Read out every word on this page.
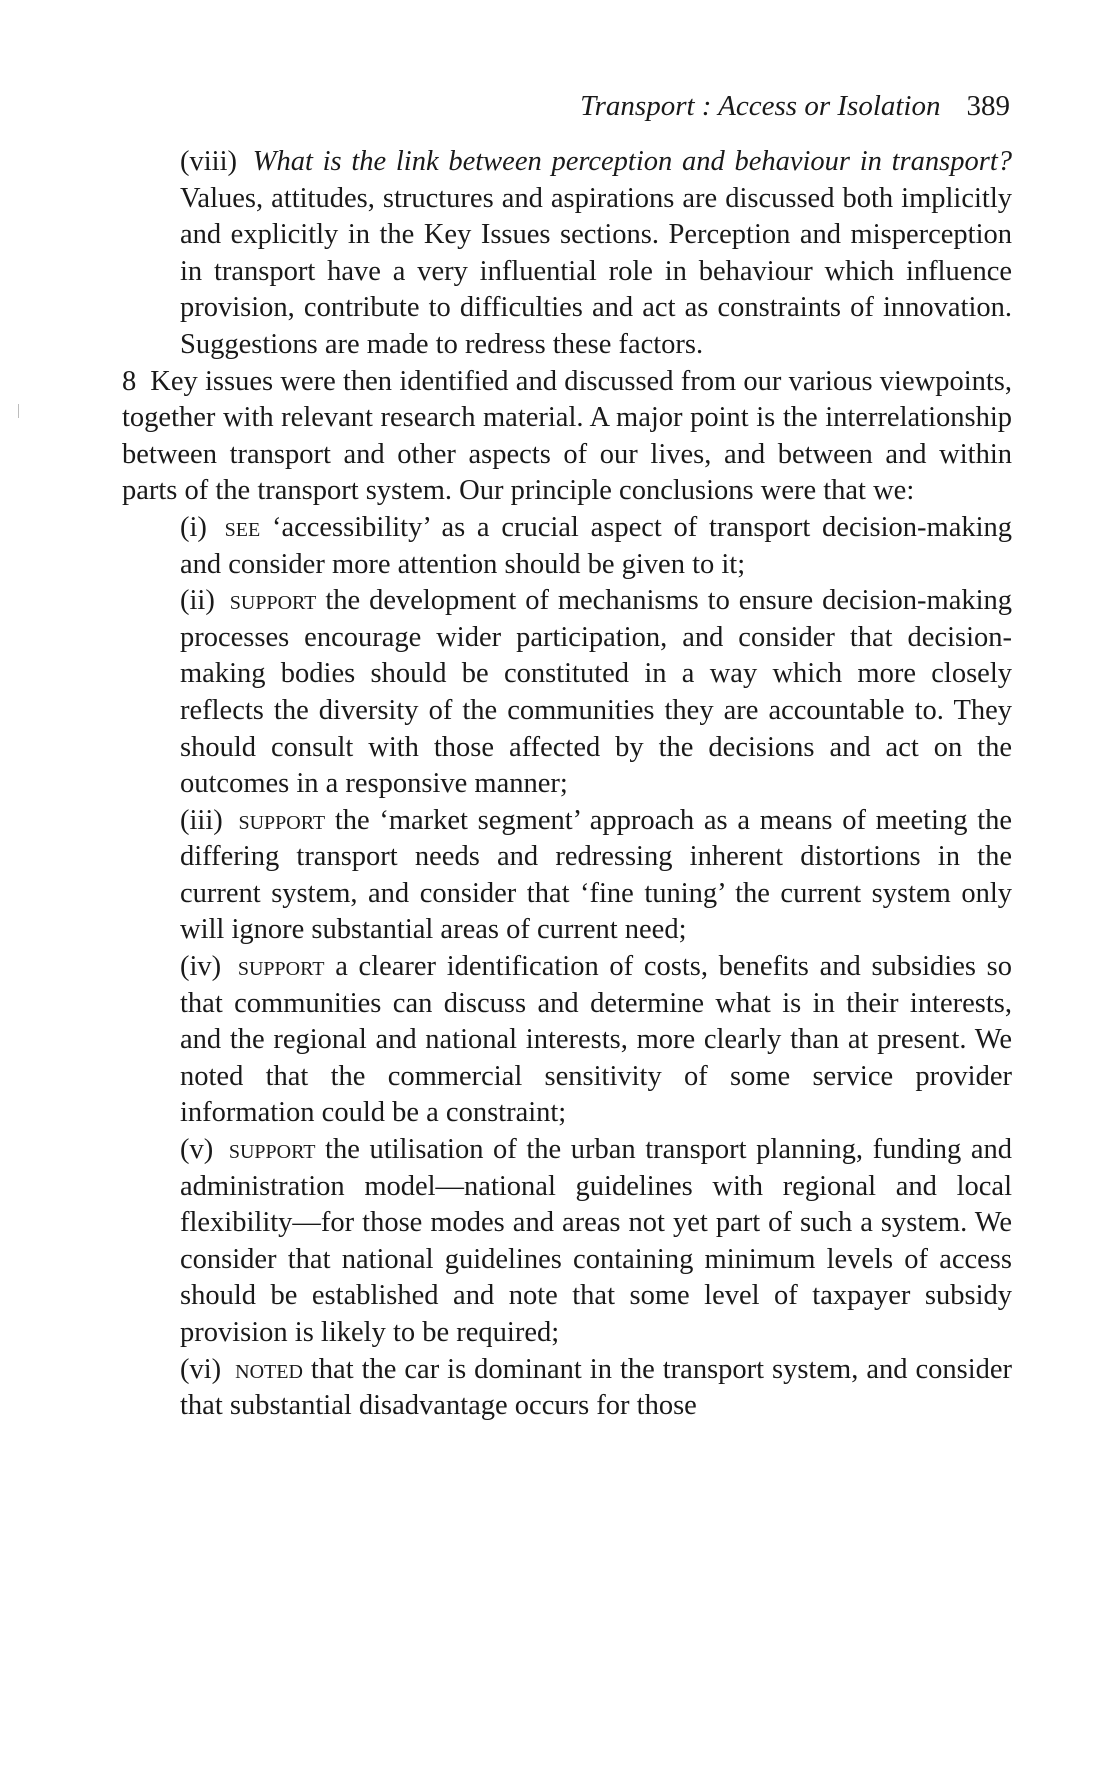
Transport : Access or Isolation 389

(viii) What is the link between perception and behaviour in transport? Values, attitudes, structures and aspirations are discussed both implicitly and explicitly in the Key Issues sections. Perception and misperception in transport have a very influential role in behaviour which influence provision, contribute to difficulties and act as constraints of innovation. Suggestions are made to redress these factors.

8 Key issues were then identified and discussed from our various viewpoints, together with relevant research material. A major point is the interrelationship between transport and other aspects of our lives, and between and within parts of the transport system. Our principle conclusions were that we:

(i) see ‘accessibility’ as a crucial aspect of transport decision-making and consider more attention should be given to it;

(ii) support the development of mechanisms to ensure decision-making processes encourage wider participation, and consider that decision-making bodies should be constituted in a way which more closely reflects the diversity of the communities they are accountable to. They should consult with those affected by the decisions and act on the outcomes in a responsive manner;

(iii) support the ‘market segment’ approach as a means of meeting the differing transport needs and redressing inherent distortions in the current system, and consider that ‘fine tuning’ the current system only will ignore substantial areas of current need;

(iv) support a clearer identification of costs, benefits and subsidies so that communities can discuss and determine what is in their interests, and the regional and national interests, more clearly than at present. We noted that the commercial sensitivity of some service provider information could be a constraint;

(v) support the utilisation of the urban transport planning, funding and administration model—national guidelines with regional and local flexibility—for those modes and areas not yet part of such a system. We consider that national guidelines containing minimum levels of access should be established and note that some level of taxpayer subsidy provision is likely to be required;

(vi) noted that the car is dominant in the transport system, and consider that substantial disadvantage occurs for those
